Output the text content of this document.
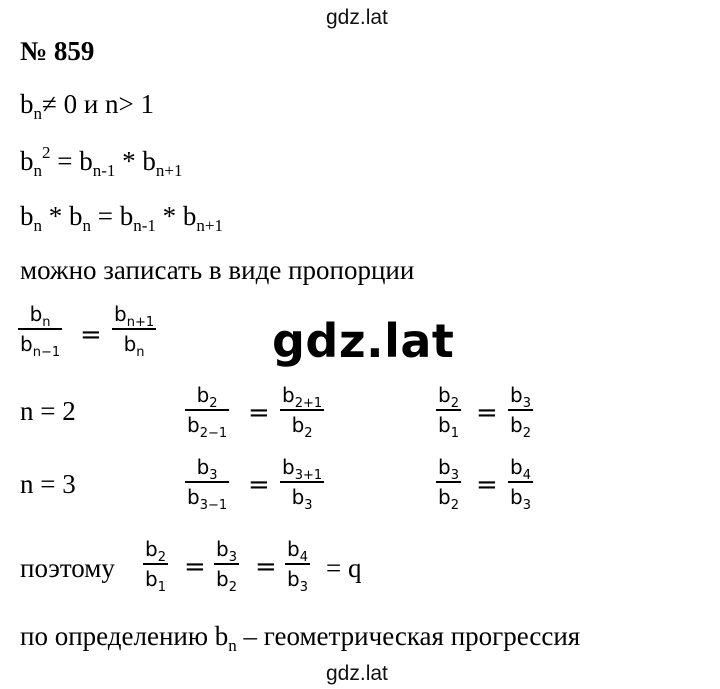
gdz.lat
gdz.lat
gdz.lat
№ 859
$b_n\ne 0$ и n> 1
$b_n^2 = b_{n-1} * b_{n+1}$
$b_n * b_n = b_{n-1} * b_{n+1}$
можно записать в виде пропорции
$b_n$
$b_{n-1}$
=
$b_{n+1}$
$b_n$
n = 2
$b_2$
$b_{2-1}$
=
$b_{2+1}$
$b_2$
$b_2$
$b_1$
=
$b_3$
$b_2$
n = 3
$b_3$
$b_{3-1}$
=
$b_{3+1}$
$b_3$
$b_3$
$b_2$
=
$b_4$
$b_3$
поэтому
$b_2$
$b_1$
=
$b_3$
$b_2$
=
$b_4$
$b_3$
= q
по определению $b_n$ – геометрическая прогрессия
